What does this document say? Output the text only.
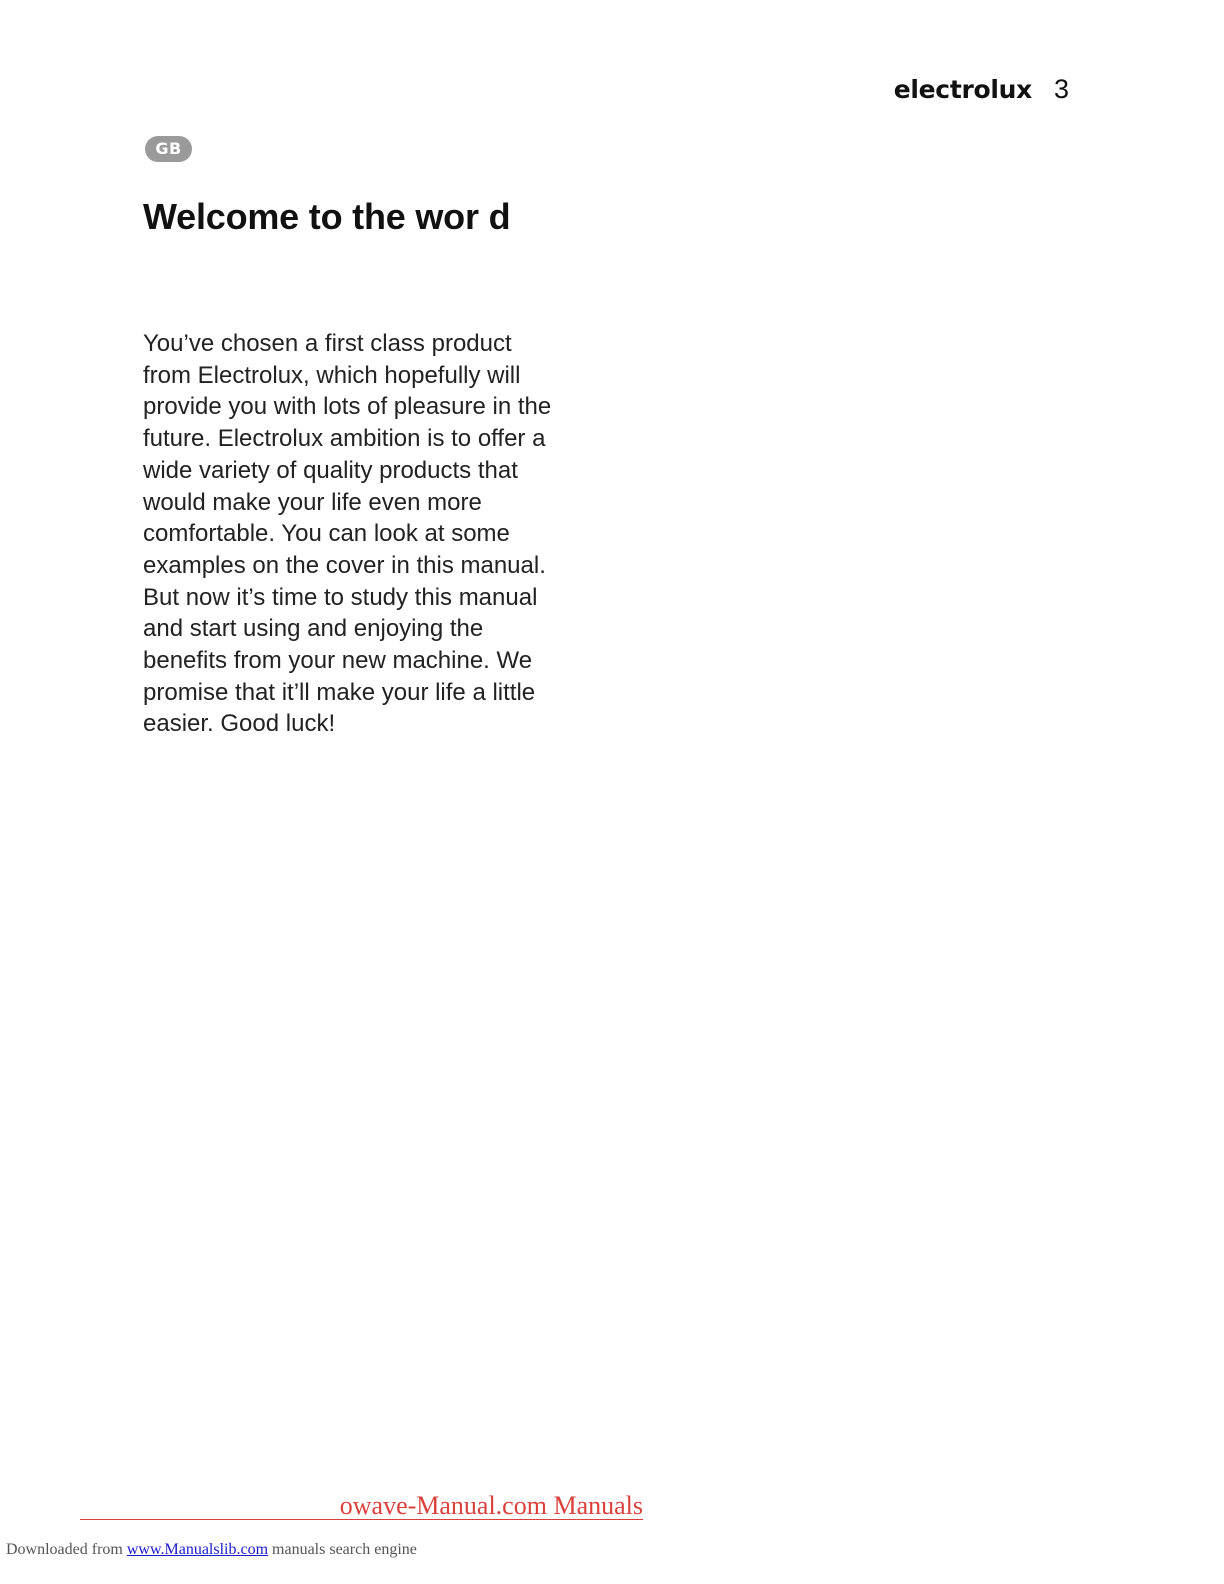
electrolux 3
GB
Welcome to the wor d

You’ve chosen a first class product
from Electrolux, which hopefully will
provide you with lots of pleasure in the
future. Electrolux ambition is to offer a
wide variety of quality products that
would make your life even more
comfortable. You can look at some
examples on the cover in this manual.
But now it’s time to study this manual
and start using and enjoying the
benefits from your new machine. We
promise that it’ll make your life a little
easier. Good luck!

owave-Manual.com Manuals
Downloaded from www.Manualslib.com manuals search engine
